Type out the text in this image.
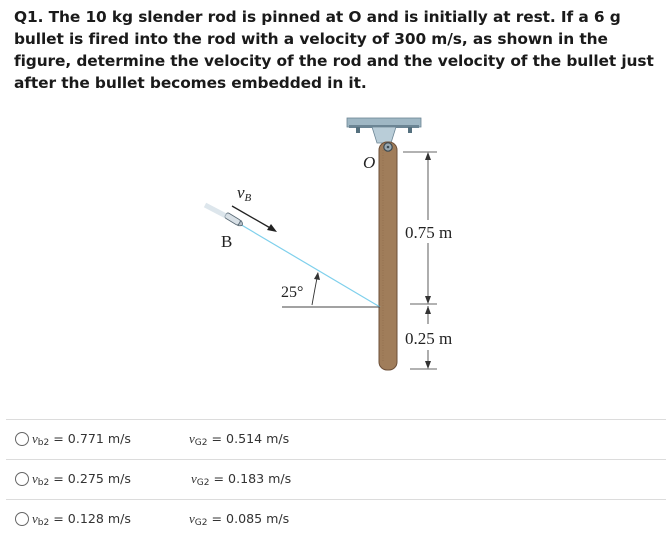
Q1. The 10 kg slender rod is pinned at O and is initially at rest. If a 6 g bullet is fired into the rod with a velocity of 300 m/s, as shown in the figure, determine the velocity of the rod and the velocity of the bullet just after the bullet becomes embedded in it.
O
0.75 m
0.25 m
25°
B
vB
$v_{b2} = 0.771$ m/s	$v_{G2} = 0.514$ m/s
$v_{b2} = 0.275$ m/s	$v_{G2} = 0.183$ m/s
$v_{b2} = 0.128$ m/s	$v_{G2} = 0.085$ m/s
